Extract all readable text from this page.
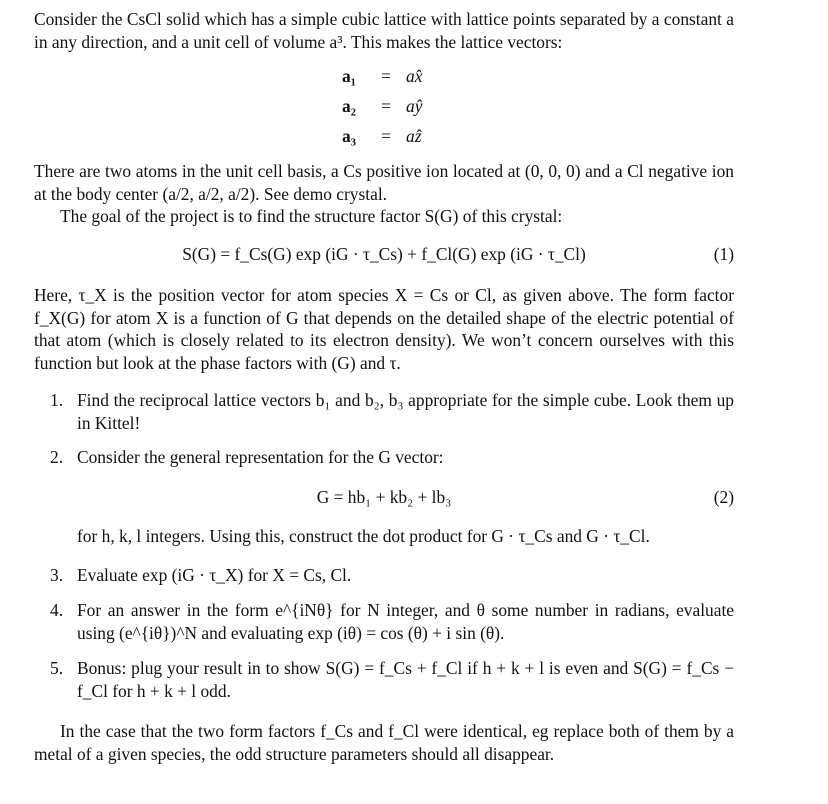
Consider the CsCl solid which has a simple cubic lattice with lattice points separated by a constant a in any direction, and a unit cell of volume a³. This makes the lattice vectors:
a₁	= ax̂
a₂	= aŷ
a₃	= aẑ
There are two atoms in the unit cell basis, a Cs positive ion located at (0, 0, 0) and a Cl negative ion at the body center (a/2, a/2, a/2). See demo crystal.
The goal of the project is to find the structure factor S(G) of this crystal:
S(G) = f_Cs(G) exp (iG · τ_Cs) + f_Cl(G) exp (iG · τ_Cl)	(1)
Here, τ_X is the position vector for atom species X = Cs or Cl, as given above. The form factor f_X(G) for atom X is a function of G that depends on the detailed shape of the electric potential of that atom (which is closely related to its electron density). We won’t concern ourselves with this function but look at the phase factors with (G) and τ.
1. Find the reciprocal lattice vectors b₁ and b₂, b₃ appropriate for the simple cube. Look them up in Kittel!
2. Consider the general representation for the G vector:
G = hb₁ + kb₂ + lb₃	(2)
for h, k, l integers. Using this, construct the dot product for G · τ_Cs and G · τ_Cl.
3. Evaluate exp (iG · τ_X) for X = Cs, Cl.
4. For an answer in the form e^{iNθ} for N integer, and θ some number in radians, evaluate using (e^{iθ})^N and evaluating exp (iθ) = cos (θ) + i sin (θ).
5. Bonus: plug your result in to show S(G) = f_Cs + f_Cl if h + k + l is even and S(G) = f_Cs − f_Cl for h + k + l odd.
In the case that the two form factors f_Cs and f_Cl were identical, eg replace both of them by a metal of a given species, the odd structure parameters should all disappear.
